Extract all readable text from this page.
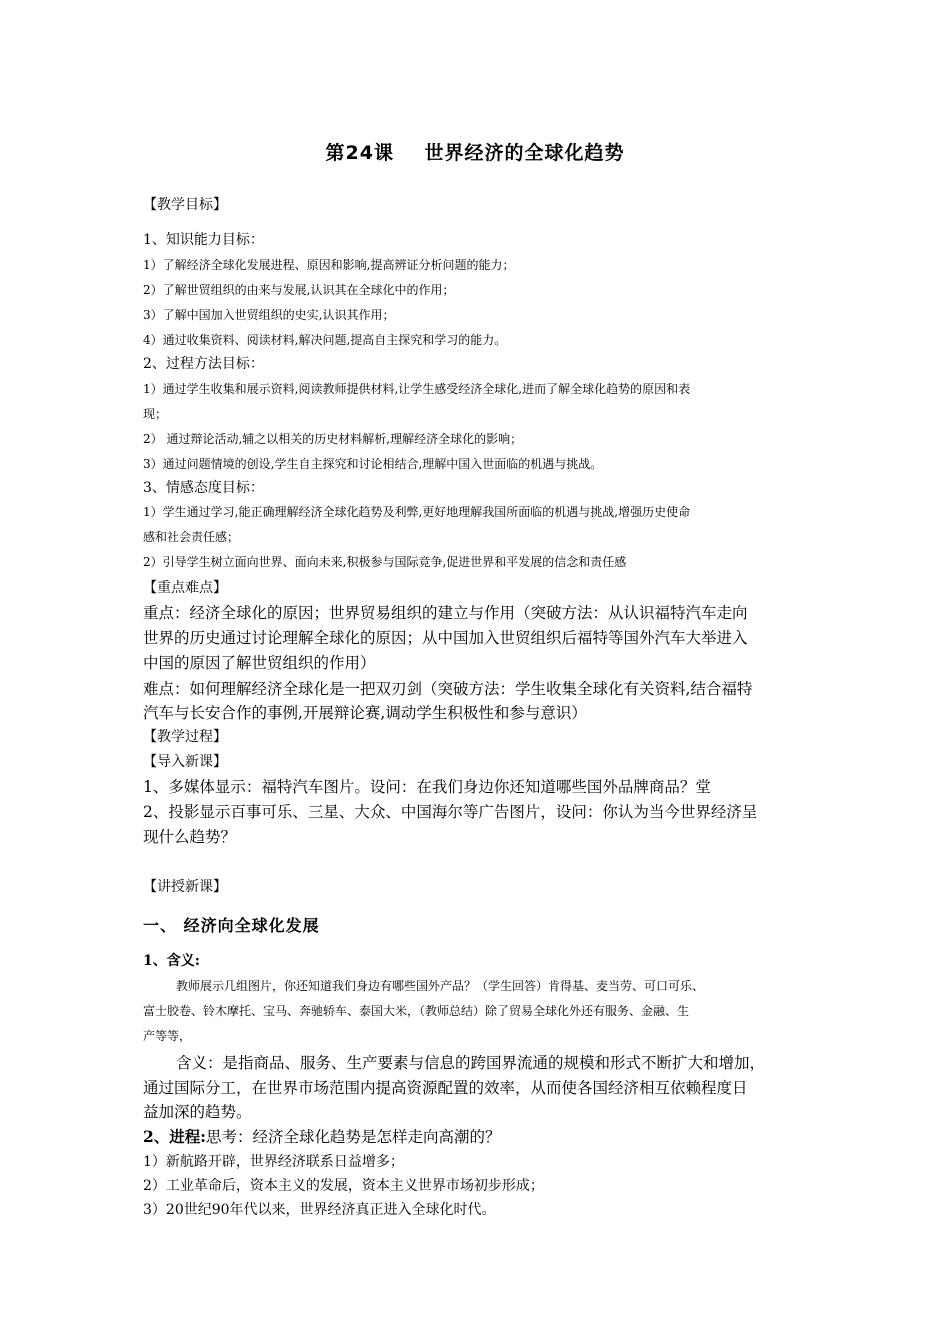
第24课    世界经济的全球化趋势
【教学目标】
1、知识能力目标：
1）了解经济全球化发展进程、原因和影响,提高辨证分析问题的能力；
2）了解世贸组织的由来与发展,认识其在全球化中的作用；
3）了解中国加入世贸组织的史实,认识其作用；
4）通过收集资料、阅读材料,解决问题,提高自主探究和学习的能力。
2、过程方法目标：
1）通过学生收集和展示资料,阅读教师提供材料,让学生感受经济全球化,进而了解全球化趋势的原因和表
现；
2） 通过辩论活动,辅之以相关的历史材料解析,理解经济全球化的影响；
3）通过问题情境的创设,学生自主探究和讨论相结合,理解中国入世面临的机遇与挑战。
3、情感态度目标：
1）学生通过学习,能正确理解经济全球化趋势及利弊,更好地理解我国所面临的机遇与挑战,增强历史使命
感和社会责任感；
2）引导学生树立面向世界、面向未来,积极参与国际竞争,促进世界和平发展的信念和责任感
【重点难点】
重点：经济全球化的原因；世界贸易组织的建立与作用（突破方法：从认识福特汽车走向
世界的历史通过讨论理解全球化的原因；从中国加入世贸组织后福特等国外汽车大举进入
中国的原因了解世贸组织的作用）
难点：如何理解经济全球化是一把双刃剑（突破方法：学生收集全球化有关资料,结合福特
汽车与长安合作的事例,开展辩论赛,调动学生积极性和参与意识）
【教学过程】
【导入新课】
1、多媒体显示：福特汽车图片。设问：在我们身边你还知道哪些国外品牌商品？堂
2、投影显示百事可乐、三星、大众、中国海尔等广告图片，设问：你认为当今世界经济呈
现什么趋势？
【讲授新课】
一、 经济向全球化发展
1、含义:
教师展示几组图片，你还知道我们身边有哪些国外产品？（学生回答）肯得基、麦当劳、可口可乐、
富士胶卷、铃木摩托、宝马、奔驰轿车、泰国大米，（教师总结）除了贸易全球化外还有服务、金融、生
产等等，
含义：是指商品、服务、生产要素与信息的跨国界流通的规模和形式不断扩大和增加，
通过国际分工，在世界市场范围内提高资源配置的效率，从而使各国经济相互依赖程度日
益加深的趋势。
2、进程:思考：经济全球化趋势是怎样走向高潮的？
1）新航路开辟，世界经济联系日益增多；
2）工业革命后，资本主义的发展，资本主义世界市场初步形成；
3）20世纪90年代以来，世界经济真正进入全球化时代。
